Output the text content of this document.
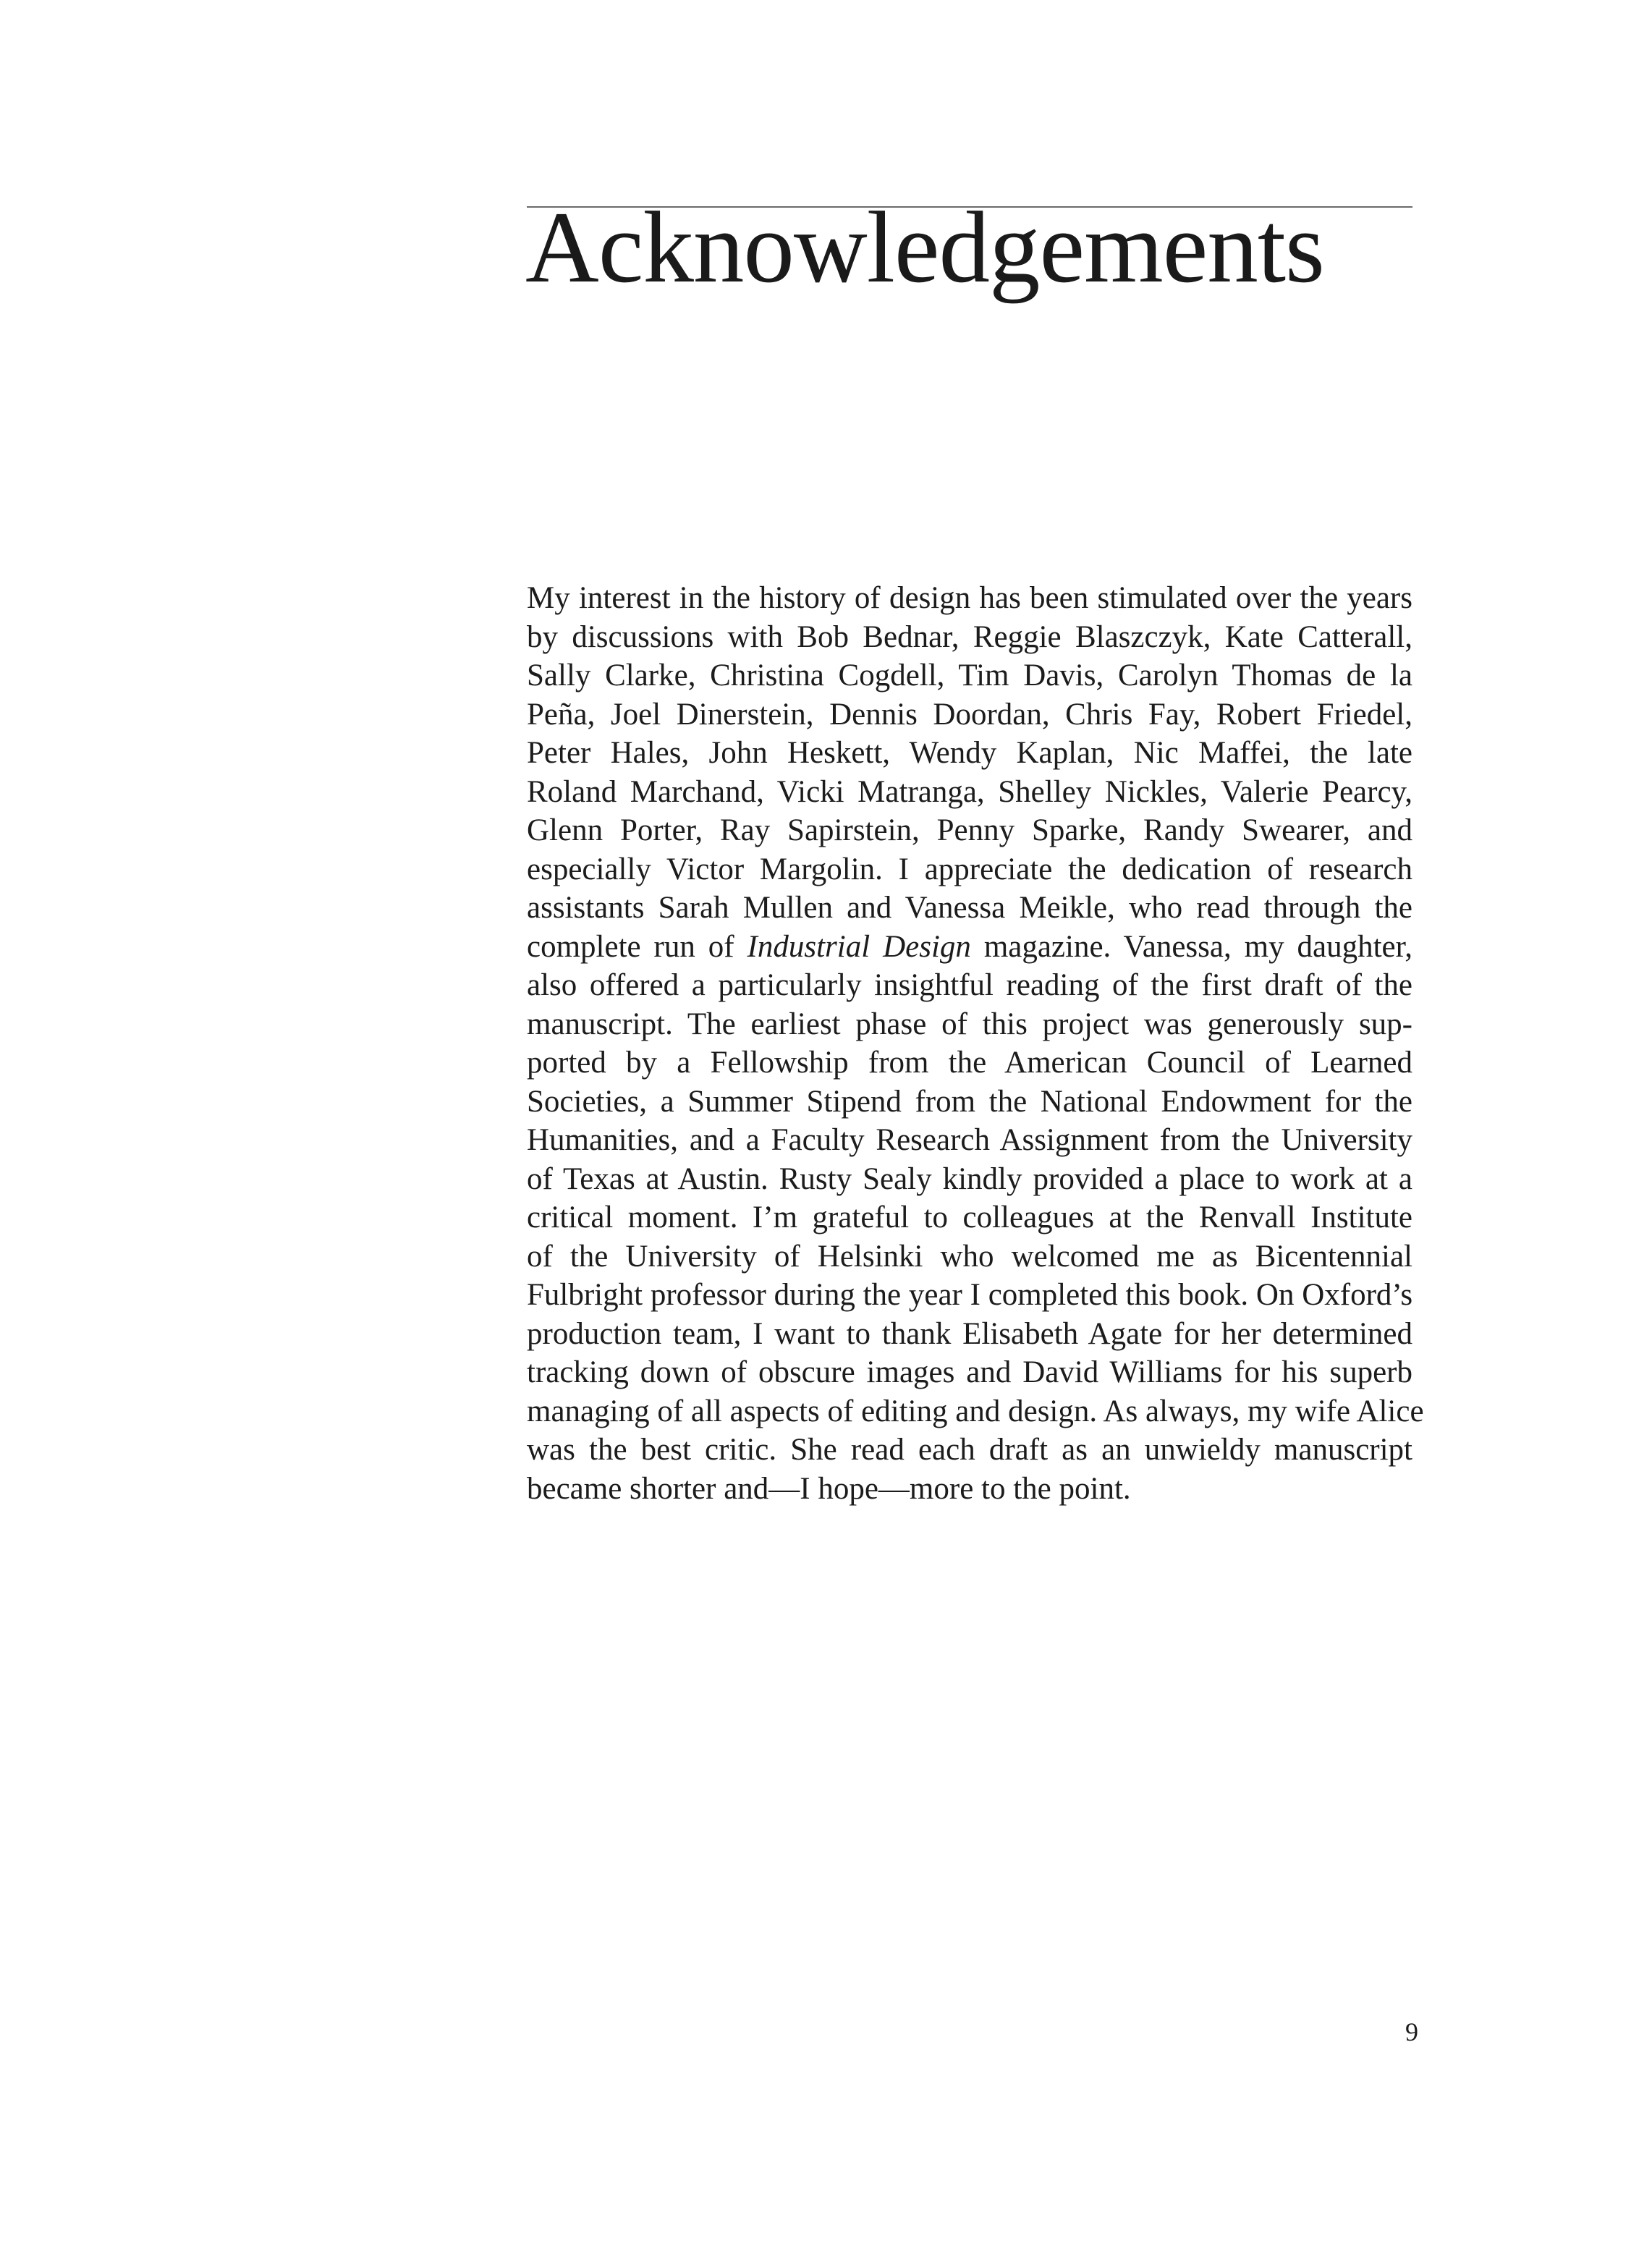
Acknowledgements
My interest in the history of design has been stimulated over the years
by discussions with Bob Bednar, Reggie Blaszczyk, Kate Catterall,
Sally Clarke, Christina Cogdell, Tim Davis, Carolyn Thomas de la
Peña, Joel Dinerstein, Dennis Doordan, Chris Fay, Robert Friedel,
Peter Hales, John Heskett, Wendy Kaplan, Nic Maffei, the late
Roland Marchand, Vicki Matranga, Shelley Nickles, Valerie Pearcy,
Glenn Porter, Ray Sapirstein, Penny Sparke, Randy Swearer, and
especially Victor Margolin. I appreciate the dedication of research
assistants Sarah Mullen and Vanessa Meikle, who read through the
complete run of Industrial Design magazine. Vanessa, my daughter,
also offered a particularly insightful reading of the first draft of the
manuscript. The earliest phase of this project was generously sup-
ported by a Fellowship from the American Council of Learned
Societies, a Summer Stipend from the National Endowment for the
Humanities, and a Faculty Research Assignment from the University
of Texas at Austin. Rusty Sealy kindly provided a place to work at a
critical moment. I’m grateful to colleagues at the Renvall Institute
of the University of Helsinki who welcomed me as Bicentennial
Fulbright professor during the year I completed this book. On Oxford’s
production team, I want to thank Elisabeth Agate for her determined
tracking down of obscure images and David Williams for his superb
managing of all aspects of editing and design. As always, my wife Alice
was the best critic. She read each draft as an unwieldy manuscript
became shorter and—I hope—more to the point.
9
